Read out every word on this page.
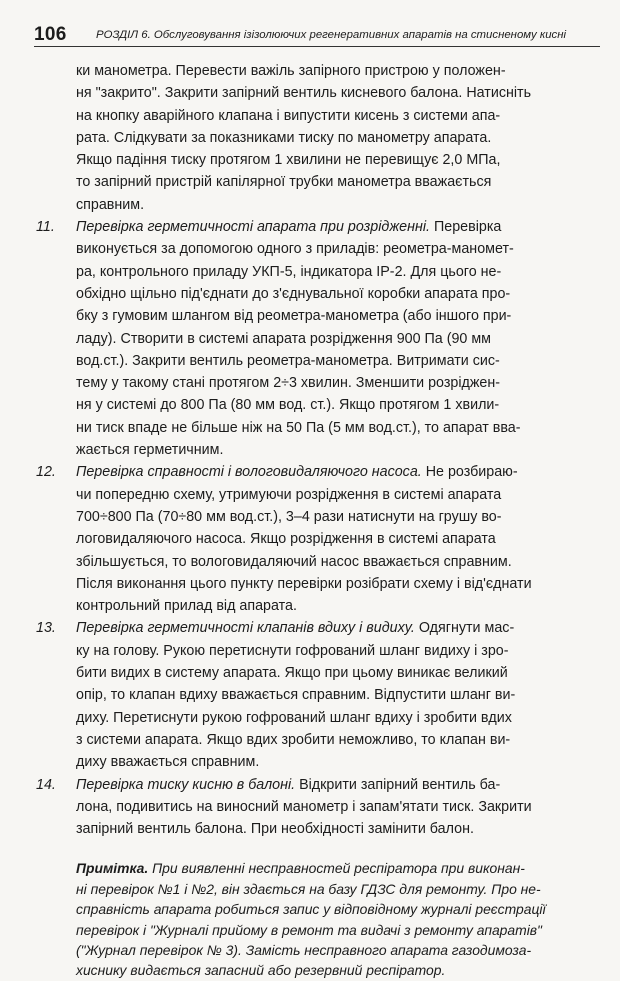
106	РОЗДІЛ 6. Обслуговування ізізолюючих регенеративних апаратів на стисненому кисні
ки манометра. Перевести важіль запірного пристрою у положен-
ня "закрито". Закрити запірний вентиль кисневого балона. Натисніть
на кнопку аварійного клапана і випустити кисень з системи апа-
рата. Слідкувати за показниками тиску по манометру апарата.
Якщо падіння тиску протягом 1 хвилини не перевищує 2,0 МПа,
то запірний пристрій капілярної трубки манометра вважається
справним.
11. Перевірка герметичності апарата при розрідженні. Перевірка
виконується за допомогою одного з приладів: реометра-маномет-
ра, контрольного приладу УКП-5, індикатора ІР-2. Для цього не-
обхідно щільно під'єднати до з'єднувальної коробки апарата про-
бку з гумовим шлангом від реометра-манометра (або іншого при-
ладу). Створити в системі апарата розрідження 900 Па (90 мм
вод.ст.). Закрити вентиль реометра-манометра. Витримати сис-
тему у такому стані протягом 2÷3 хвилин. Зменшити розріджен-
ня у системі до 800 Па (80 мм вод. ст.). Якщо протягом 1 хвили-
ни тиск впаде не більше ніж на 50 Па (5 мм вод.ст.), то апарат вва-
жається герметичним.
12. Перевірка справності і вологовидаляючого насоса. Не розбираю-
чи попередню схему, утримуючи розрідження в системі апарата
700÷800 Па (70÷80 мм вод.ст.), 3–4 рази натиснути на грушу во-
логовидаляючого насоса. Якщо розрідження в системі апарата
збільшується, то вологовидаляючий насос вважається справним.
Після виконання цього пункту перевірки розібрати схему і від'єднати
контрольний прилад від апарата.
13. Перевірка герметичності клапанів вдиху і видиху. Одягнути мас-
ку на голову. Рукою перетиснути гофрований шланг видиху і зро-
бити видих в систему апарата. Якщо при цьому виникає великий
опір, то клапан вдиху вважається справним. Відпустити шланг ви-
диху. Перетиснути рукою гофрований шланг вдиху і зробити вдих
з системи апарата. Якщо вдих зробити неможливо, то клапан ви-
диху вважається справним.
14. Перевірка тиску кисню в балоні. Відкрити запірний вентиль ба-
лона, подивитись на виносний манометр і запам'ятати тиск. Закрити
запірний вентиль балона. При необхідності замінити балон.
Примітка. При виявленні несправностей респіратора при виконан-
ні перевірок №1 і №2, він здається на базу ГДЗС для ремонту. Про не-
справність апарата робиться запис у відповідному журналі реєстрації
перевірок і "Журналі прийому в ремонт та видачі з ремонту апаратів"
("Журнал перевірок № 3). Замість несправного апарата газодимоза-
хиснику видається запасний або резервний респіратор.
